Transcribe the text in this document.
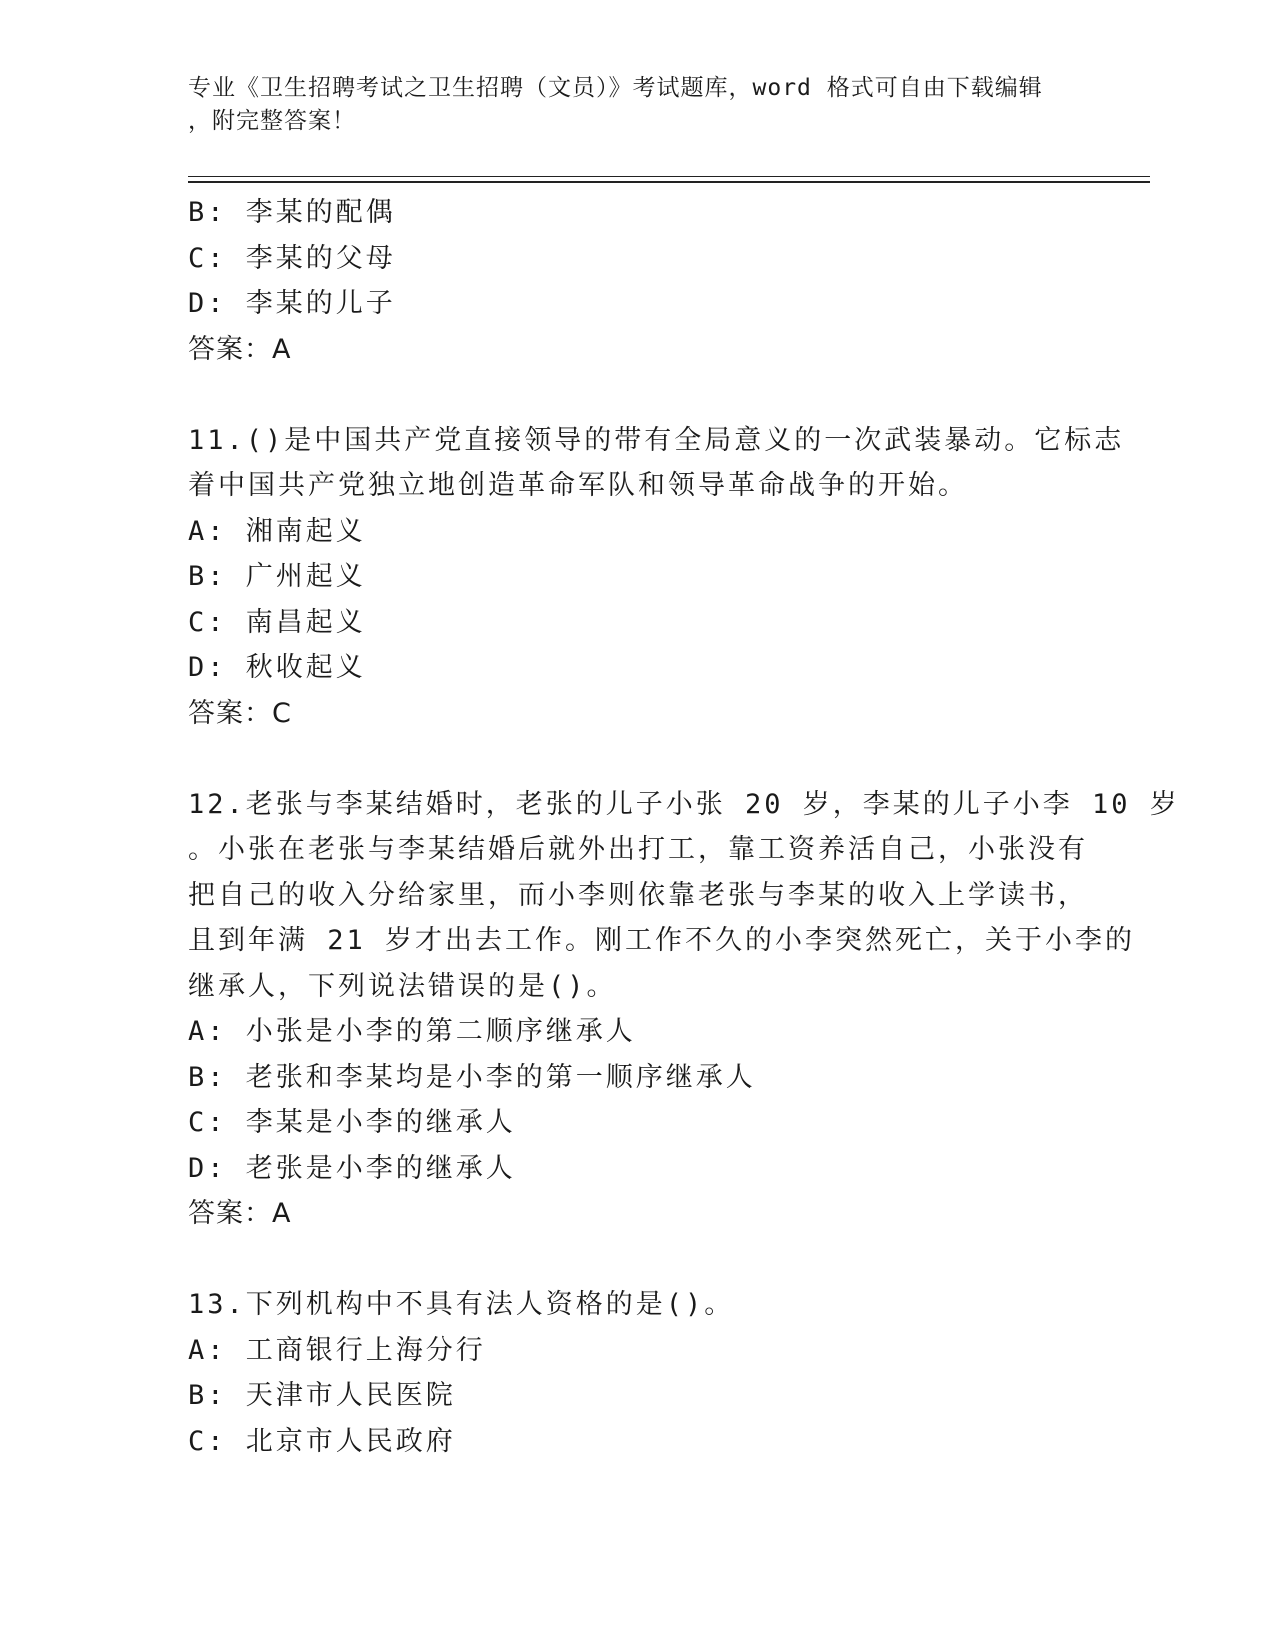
专业《卫生招聘考试之卫生招聘（文员）》考试题库，word 格式可自由下载编辑
，附完整答案！
B: 李某的配偶
C: 李某的父母
D: 李某的儿子
答案：A
11.()是中国共产党直接领导的带有全局意义的一次武装暴动。它标志
着中国共产党独立地创造革命军队和领导革命战争的开始。
A: 湘南起义
B: 广州起义
C: 南昌起义
D: 秋收起义
答案：C
12.老张与李某结婚时，老张的儿子小张 20 岁，李某的儿子小李 10 岁
。小张在老张与李某结婚后就外出打工，靠工资养活自己，小张没有
把自己的收入分给家里，而小李则依靠老张与李某的收入上学读书，
且到年满 21 岁才出去工作。刚工作不久的小李突然死亡，关于小李的
继承人，下列说法错误的是()。
A: 小张是小李的第二顺序继承人
B: 老张和李某均是小李的第一顺序继承人
C: 李某是小李的继承人
D: 老张是小李的继承人
答案：A
13.下列机构中不具有法人资格的是()。
A: 工商银行上海分行
B: 天津市人民医院
C: 北京市人民政府
